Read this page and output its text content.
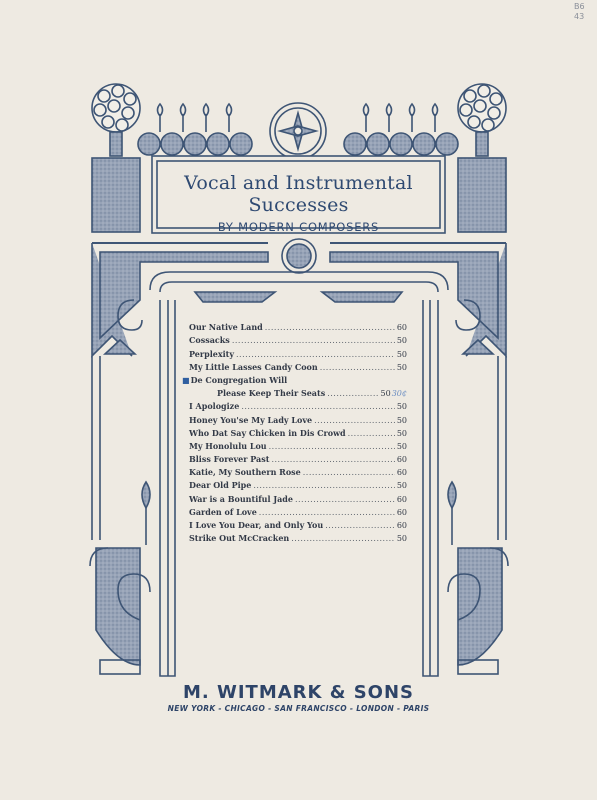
B6
43
Vocal and Instrumental Successes
BY MODERN COMPOSERS
Our Native Land .....	60
Cossacks .....	50
Perplexity .....	50
My Little Lasses Candy Coon .....	50
■ De Congregation Will
Please Keep Their Seats .....	50 30¢
I Apologize .....	50
Honey You'se My Lady Love .....	50
Who Dat Say Chicken in Dis Crowd .....	50
My Honolulu Lou .....	50
Bliss Forever Past .....	60
Katie, My Southern Rose .....	60
Dear Old Pipe .....	50
War is a Bountiful Jade .....	60
Garden of Love .....	60
I Love You Dear, and Only You .....	60
Strike Out McCracken .....	50
M. WITMARK & SONS
NEW YORK - CHICAGO - SAN FRANCISCO - LONDON - PARIS
